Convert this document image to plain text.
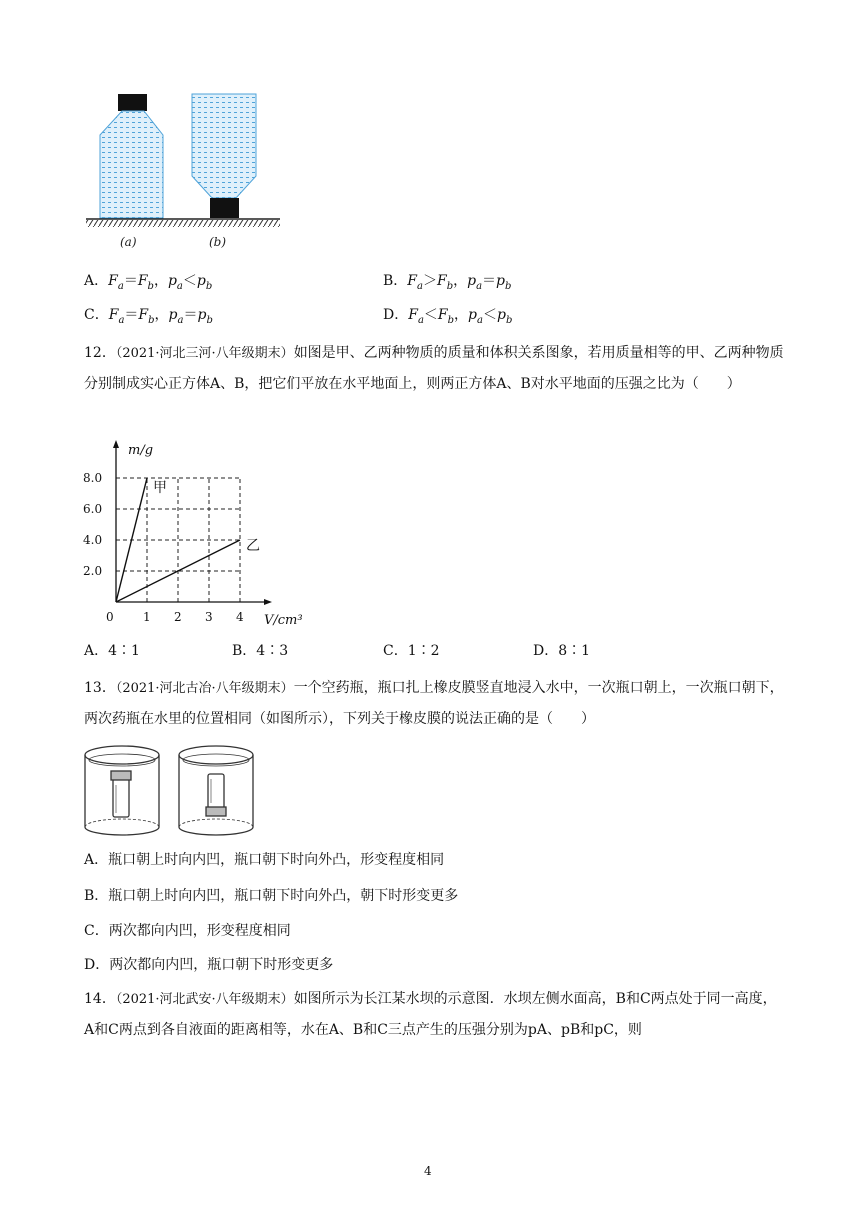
(a)	(b)
A．$F_a=F_b$，$p_a<p_b$	B．$F_a>F_b$，$p_a=p_b$
C．$F_a=F_b$，$p_a=p_b$	D．$F_a<F_b$，$p_a<p_b$
12．（2021·河北三河·八年级期末）如图是甲、乙两种物质的质量和体积关系图象，若用质量相等的甲、乙两种物质分别制成实心正方体A、B，把它们平放在水平地面上，则两正方体A、B对水平地面的压强之比为（　　）
0 1 2 3 4
2.0
4.0
6.0
8.0
m/g
V/cm³
甲
乙
A．4∶1	B．4∶3	C．1∶2	D．8∶1
13．（2021·河北古冶·八年级期末）一个空药瓶，瓶口扎上橡皮膜竖直地浸入水中，一次瓶口朝上，一次瓶口朝下，两次药瓶在水里的位置相同（如图所示），下列关于橡皮膜的说法正确的是（　　）
A．瓶口朝上时向内凹，瓶口朝下时向外凸，形变程度相同
B．瓶口朝上时向内凹，瓶口朝下时向外凸，朝下时形变更多
C．两次都向内凹，形变程度相同
D．两次都向内凹，瓶口朝下时形变更多
14．（2021·河北武安·八年级期末）如图所示为长江某水坝的示意图．水坝左侧水面高，B和C两点处于同一高度，A和C两点到各自液面的距离相等，水在A、B和C三点产生的压强分别为pA、pB和pC，则
4
